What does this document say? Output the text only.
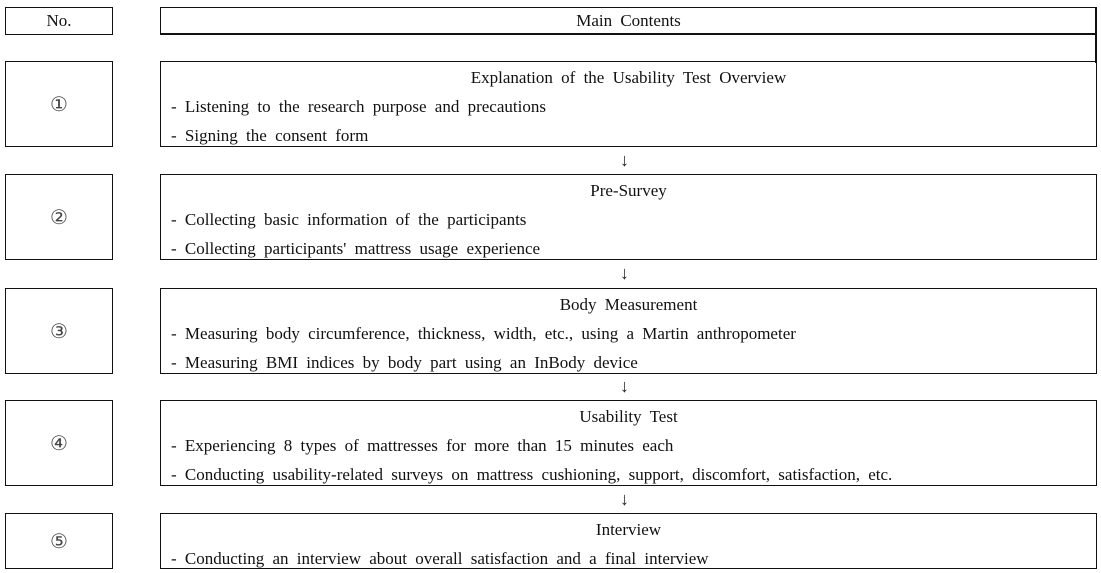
No.	Main Contents
①
Explanation of the Usability Test Overview
- Listening to the research purpose and precautions
- Signing the consent form
↓
②
Pre-Survey
- Collecting basic information of the participants
- Collecting participants' mattress usage experience
↓
③
Body Measurement
- Measuring body circumference, thickness, width, etc., using a Martin anthropometer
- Measuring BMI indices by body part using an InBody device
↓
④
Usability Test
- Experiencing 8 types of mattresses for more than 15 minutes each
- Conducting usability-related surveys on mattress cushioning, support, discomfort, satisfaction, etc.
↓
⑤
Interview
- Conducting an interview about overall satisfaction and a final interview
